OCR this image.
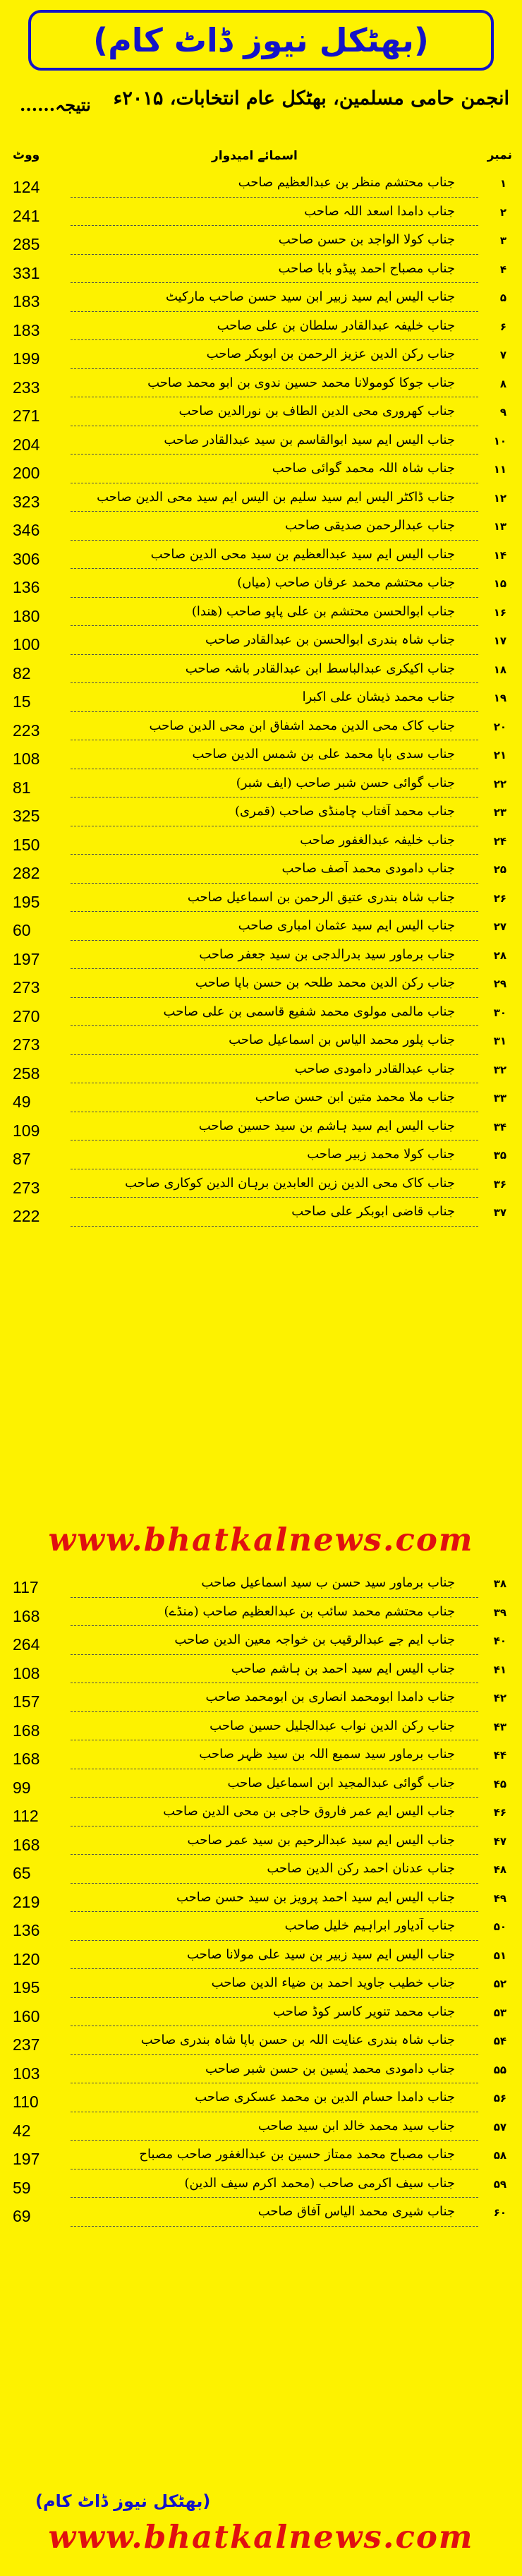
(بھٹکل نیوز ڈاٹ کام)
انجمن حامی مسلمین، بھٹکل عام انتخابات، ۲۰۱۵ء
نتیجہ......
ووٹ	اسمائے امیدوار	نمبر
124	جناب محتشم منظر بن عبدالعظیم صاحب	۱
241	جناب دامدا اسعد اللہ صاحب	۲
285	جناب کولا الواجد بن حسن صاحب	۳
331	جناب مصباح احمد پیڈو بابا صاحب	۴
183	جناب الیس ایم سید زبیر ابن سید حسن صاحب مارکیٹ	۵
183	جناب خلیفہ عبدالقادر سلطان بن علی صاحب	۶
199	جناب رکن الدین عزیز الرحمن بن ابوبکر صاحب	۷
233	جناب جوکا کومولانا محمد حسین ندوی بن ابو محمد صاحب	۸
271	جناب کھروری محی الدین الطاف بن نورالدین صاحب	۹
204	جناب الیس ایم سید ابوالقاسم بن سید عبدالقادر صاحب	۱۰
200	جناب شاہ اللہ محمد گوائی صاحب	۱۱
323	جناب ڈاکٹر الیس ایم سید سلیم بن الیس ایم سید محی الدین صاحب	۱۲
346	جناب عبدالرحمن صدیقی صاحب	۱۳
306	جناب الیس ایم سید عبدالعظیم بن سید محی الدین صاحب	۱۴
136	جناب محتشم محمد عرفان صاحب (میاں)	۱۵
180	جناب ابوالحسن محتشم بن علی پاپو صاحب (ھندا)	۱۶
100	جناب شاہ بندری ابوالحسن بن عبدالقادر صاحب	۱۷
82	جناب اکیکری عبدالباسط ابن عبدالقادر باشہ صاحب	۱۸
15	جناب محمد ذیشان علی اکبرا	۱۹
223	جناب کاک محی الدین محمد اشفاق ابن محی الدین صاحب	۲۰
108	جناب سدی باپا محمد علی بن شمس الدین صاحب	۲۱
81	جناب گوائی حسن شبر صاحب (ایف شبر)	۲۲
325	جناب محمد آفتاب چامنڈی صاحب (قمری)	۲۳
150	جناب خلیفہ عبدالغفور صاحب	۲۴
282	جناب دامودی محمد آصف صاحب	۲۵
195	جناب شاہ بندری عتیق الرحمن بن اسماعیل صاحب	۲۶
60	جناب الیس ایم سید عثمان امباری صاحب	۲۷
197	جناب برماور سید بدرالدجی بن سید جعفر صاحب	۲۸
273	جناب رکن الدین محمد طلحہ بن حسن باپا صاحب	۲۹
270	جناب مالمی مولوی محمد شفیع قاسمی بن علی صاحب	۳۰
273	جناب پلور محمد الیاس بن اسماعیل صاحب	۳۱
258	جناب عبدالقادر دامودی صاحب	۳۲
49	جناب ملا محمد متین ابن حسن صاحب	۳۳
109	جناب الیس ایم سید ہاشم بن سید حسین صاحب	۳۴
87	جناب کولا محمد زبیر صاحب	۳۵
273	جناب کاک محی الدین زین العابدین برہان الدین کوکاری صاحب	۳۶
222	جناب قاضی ابوبکر علی صاحب	۳۷
www.bhatkalnews.com
117	جناب برماور سید حسن ب سید اسماعیل صاحب	۳۸
168	جناب محتشم محمد سائب بن عبدالعظیم صاحب (منڈے)	۳۹
264	جناب ایم جے عبدالرقیب بن خواجہ معین الدین صاحب	۴۰
108	جناب الیس ایم سید احمد بن ہاشم صاحب	۴۱
157	جناب دامدا ابومحمد انصاری بن ابومحمد صاحب	۴۲
168	جناب رکن الدین نواب عبدالجلیل حسین صاحب	۴۳
168	جناب برماور سید سمیع اللہ بن سید ظہر صاحب	۴۴
99	جناب گوائی عبدالمجید ابن اسماعیل صاحب	۴۵
112	جناب الیس ایم عمر فاروق حاجی بن محی الدین صاحب	۴۶
168	جناب الیس ایم سید عبدالرحیم بن سید عمر صاحب	۴۷
65	جناب عدنان احمد رکن الدین صاحب	۴۸
219	جناب الیس ایم سید احمد پرویز بن سید حسن صاحب	۴۹
136	جناب آدیاور ابراہیم خلیل صاحب	۵۰
120	جناب الیس ایم سید زبیر بن سید علی مولانا صاحب	۵۱
195	جناب خطیب جاوید احمد بن ضیاء الدین صاحب	۵۲
160	جناب محمد تنویر کاسر کوڈ صاحب	۵۳
237	جناب شاہ بندری عنایت اللہ بن حسن باپا شاہ بندری صاحب	۵۴
103	جناب دامودی محمد یٰسین بن حسن شبر صاحب	۵۵
110	جناب دامدا حسام الدین بن محمد عسکری صاحب	۵۶
42	جناب سید محمد خالد ابن سید صاحب	۵۷
197	جناب مصباح محمد ممتاز حسین بن عبدالغفور صاحب مصباح	۵۸
59	جناب سیف اکرمی صاحب (محمد اکرم سیف الدین)	۵۹
69	جناب شیری محمد الیاس آفاق صاحب	۶۰
(بھٹکل نیوز ڈاٹ کام)
www.bhatkalnews.com
